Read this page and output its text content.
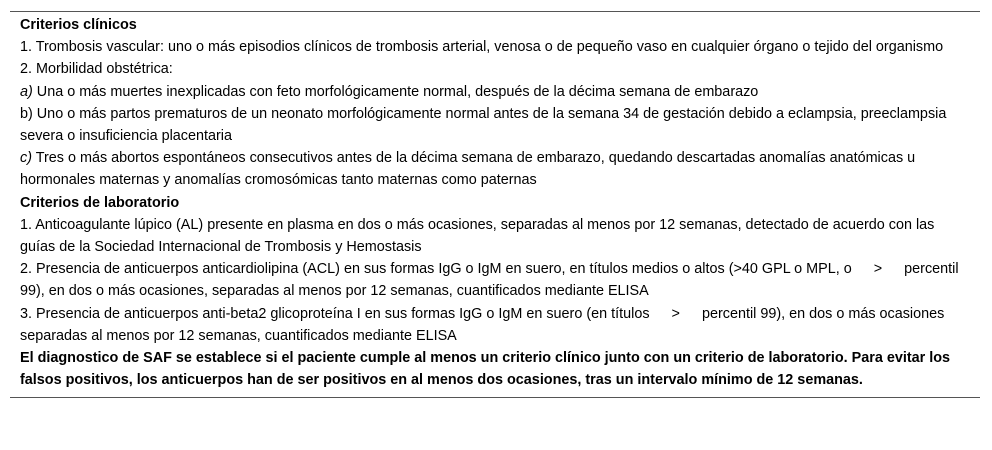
Criterios clínicos
1. Trombosis vascular: uno o más episodios clínicos de trombosis arterial, venosa o de pequeño vaso en cualquier órgano o tejido del organismo
2. Morbilidad obstétrica:
a) Una o más muertes inexplicadas con feto morfológicamente normal, después de la décima semana de embarazo
b) Uno o más partos prematuros de un neonato morfológicamente normal antes de la semana 34 de gestación debido a eclampsia, preeclampsia severa o insuficiencia placentaria
c) Tres o más abortos espontáneos consecutivos antes de la décima semana de embarazo, quedando descartadas anomalías anatómicas u hormonales maternas y anomalías cromosómicas tanto maternas como paternas
Criterios de laboratorio
1. Anticoagulante lúpico (AL) presente en plasma en dos o más ocasiones, separadas al menos por 12 semanas, detectado de acuerdo con las guías de la Sociedad Internacional de Trombosis y Hemostasis
2. Presencia de anticuerpos anticardiolipina (ACL) en sus formas IgG o IgM en suero, en títulos medios o altos (>40 GPL o MPL, o > percentil 99), en dos o más ocasiones, separadas al menos por 12 semanas, cuantificados mediante ELISA
3. Presencia de anticuerpos anti-beta2 glicoproteína I en sus formas IgG o IgM en suero (en títulos > percentil 99), en dos o más ocasiones separadas al menos por 12 semanas, cuantificados mediante ELISA
El diagnostico de SAF se establece si el paciente cumple al menos un criterio clínico junto con un criterio de laboratorio. Para evitar los falsos positivos, los anticuerpos han de ser positivos en al menos dos ocasiones, tras un intervalo mínimo de 12 semanas.
